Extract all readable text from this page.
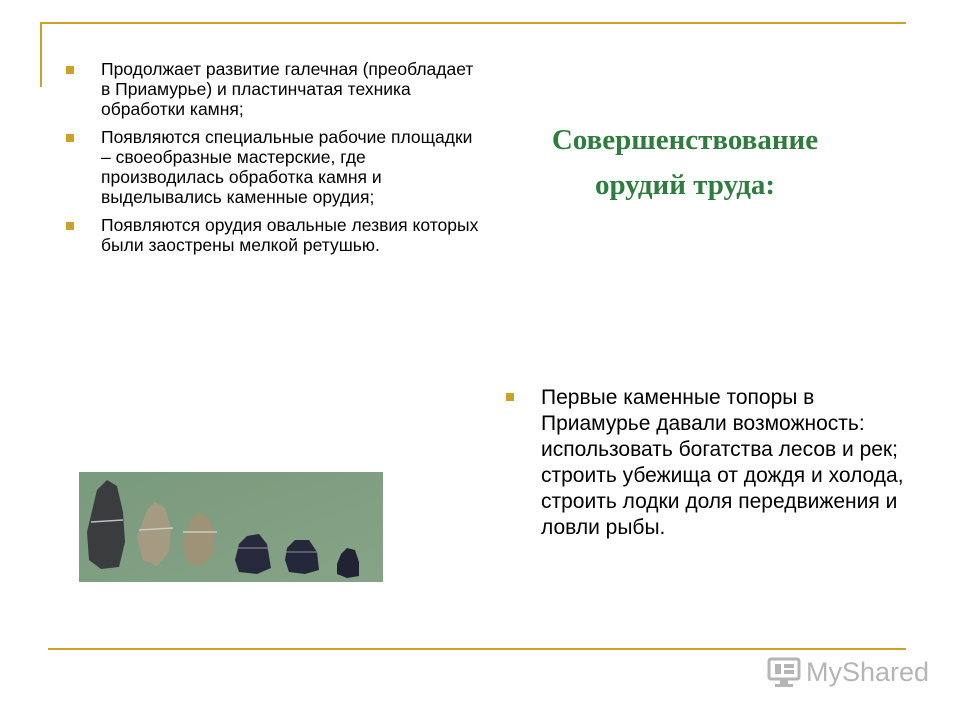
Продолжает развитие галечная (преобладает в Приамурье) и пластинчатая техника обработки камня;
Появляются специальные рабочие площадки – своеобразные мастерские, где производилась обработка камня и выделывались каменные орудия;
Появляются орудия овальные лезвия которых были заострены мелкой ретушью.
Совершенствование
орудий труда:
Первые каменные топоры в Приамурье давали возможность: использовать богатства лесов и рек; строить убежища от дождя и холода, строить лодки доля передвижения и ловли рыбы.
MyShared
